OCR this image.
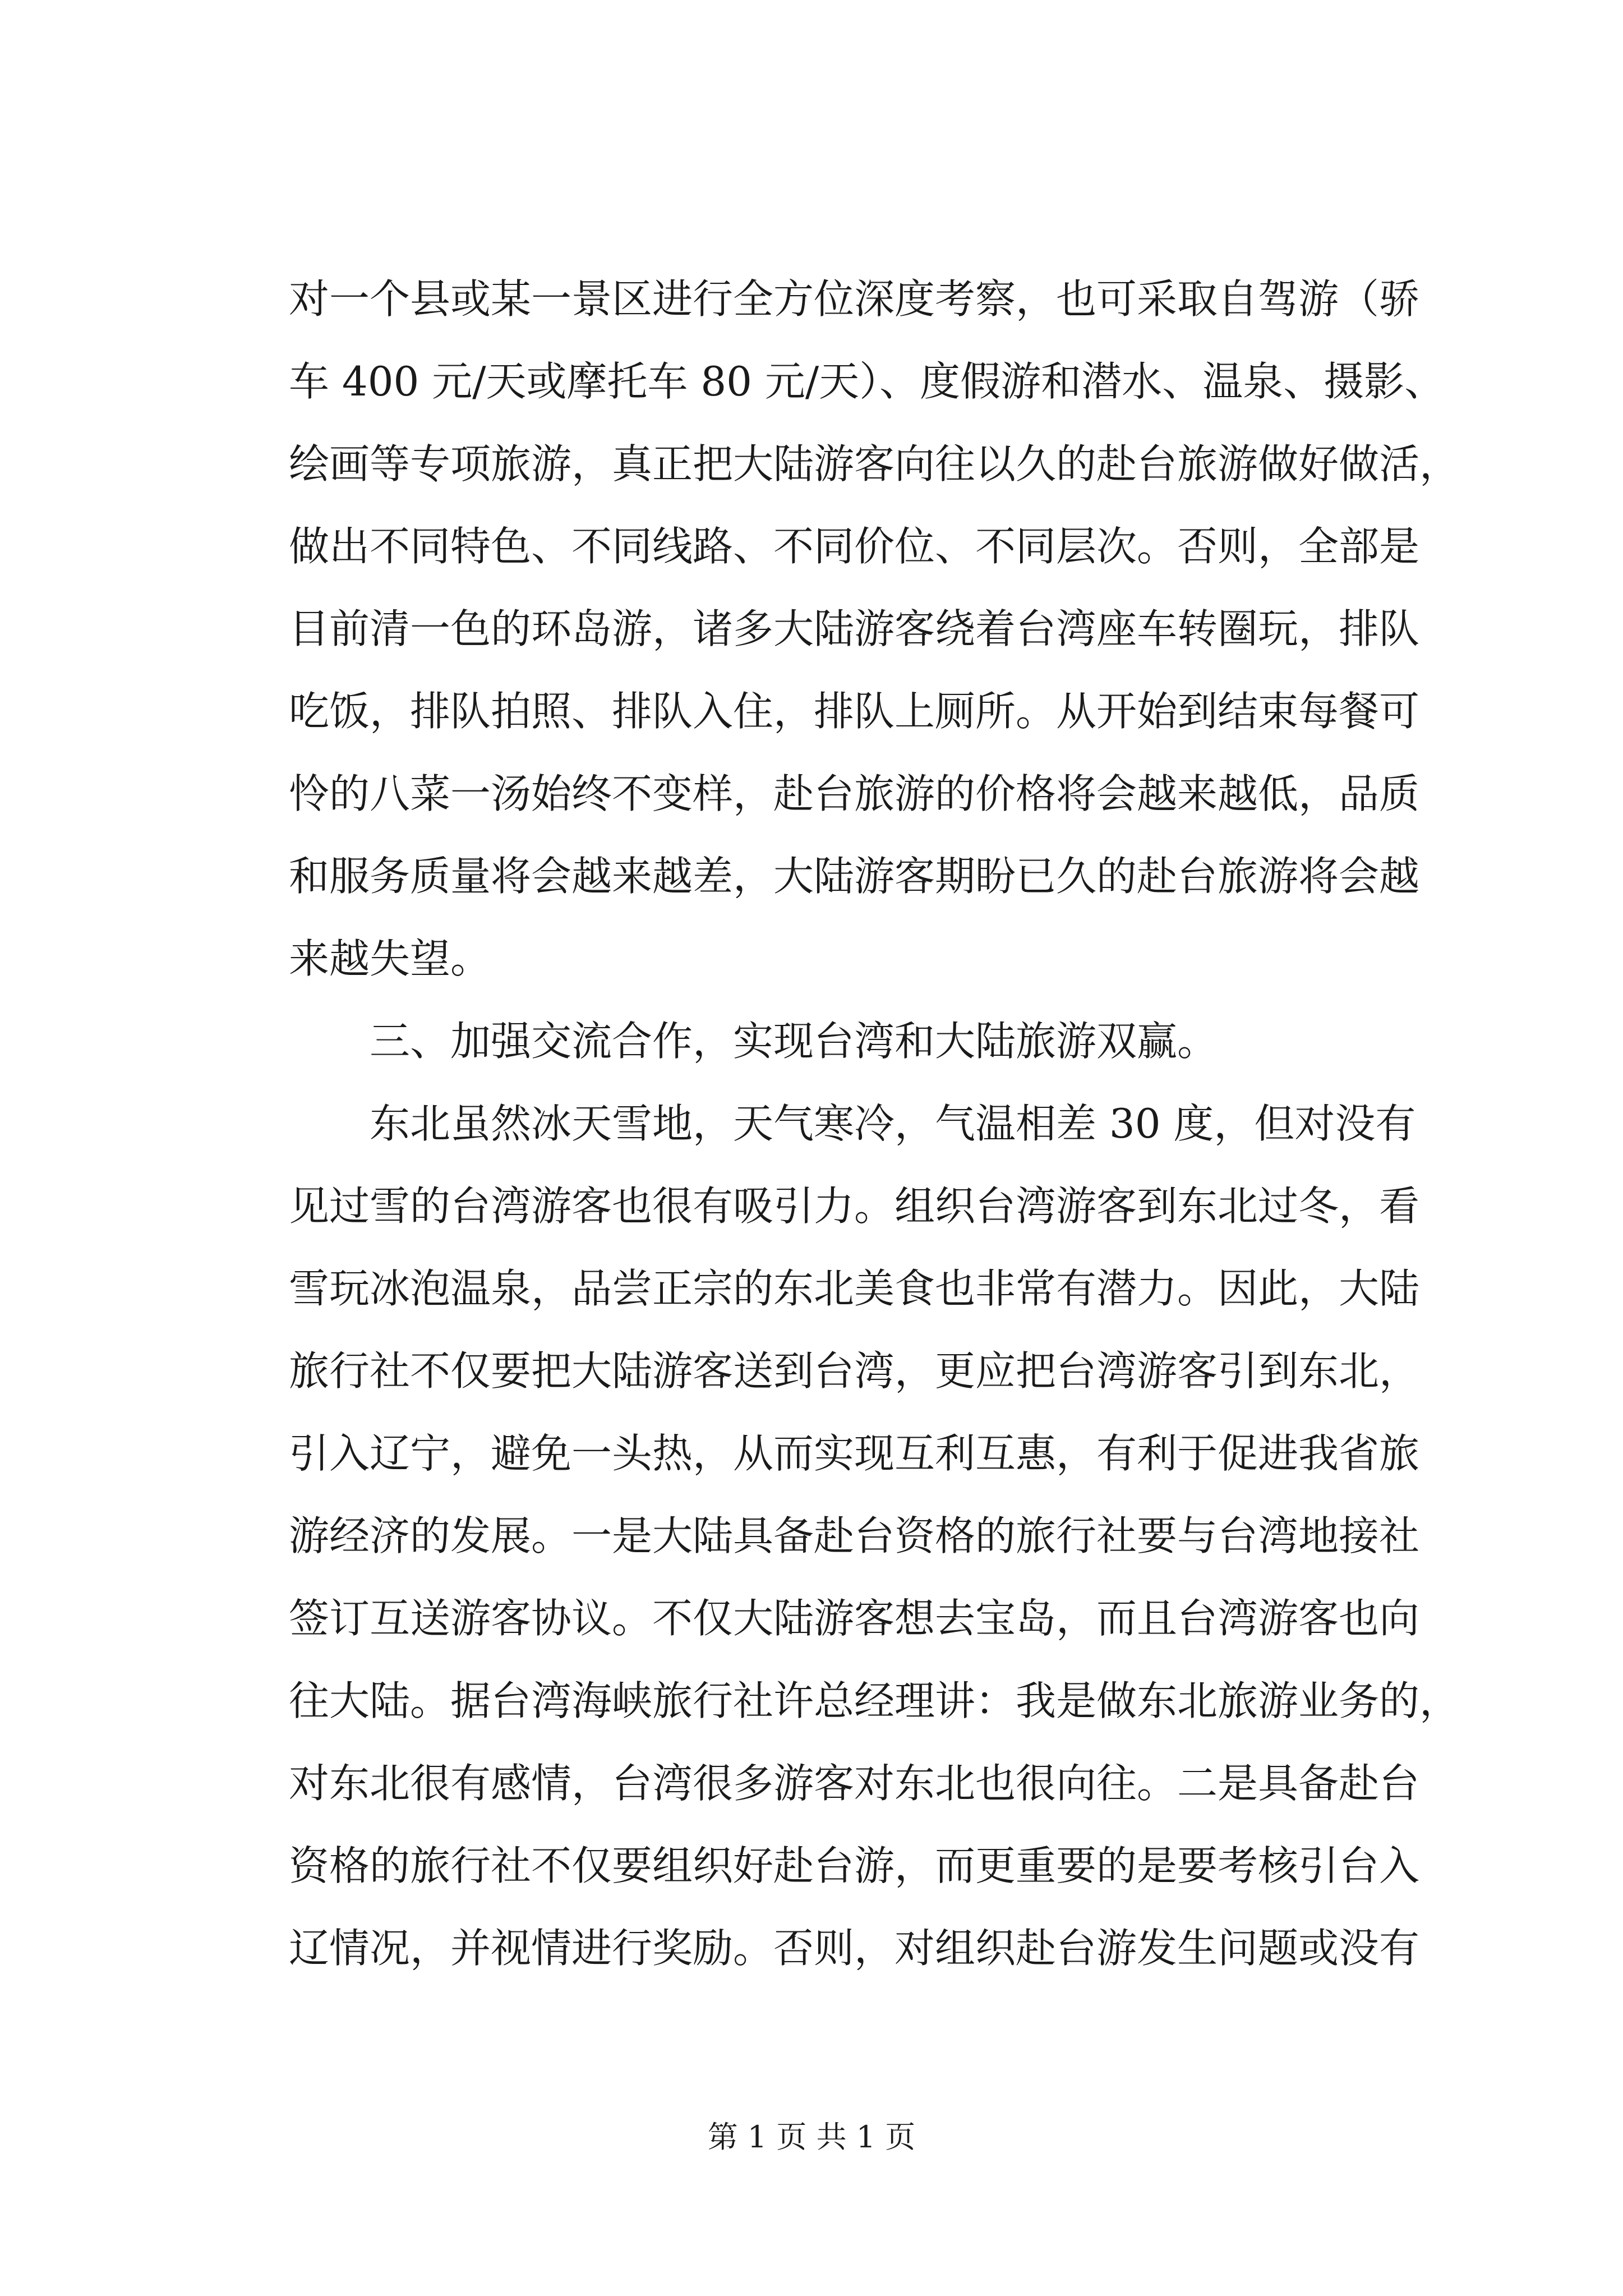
对一个县或某一景区进行全方位深度考察，也可采取自驾游（骄
车 400 元/天或摩托车 80 元/天）、度假游和潜水、温泉、摄影、
绘画等专项旅游，真正把大陆游客向往以久的赴台旅游做好做活，
做出不同特色、不同线路、不同价位、不同层次。否则，全部是
目前清一色的环岛游，诸多大陆游客绕着台湾座车转圈玩，排队
吃饭，排队拍照、排队入住，排队上厕所。从开始到结束每餐可
怜的八菜一汤始终不变样，赴台旅游的价格将会越来越低，品质
和服务质量将会越来越差，大陆游客期盼已久的赴台旅游将会越
来越失望。
三、加强交流合作，实现台湾和大陆旅游双赢。
东北虽然冰天雪地，天气寒冷，气温相差 30 度，但对没有
见过雪的台湾游客也很有吸引力。组织台湾游客到东北过冬，看
雪玩冰泡温泉，品尝正宗的东北美食也非常有潜力。因此，大陆
旅行社不仅要把大陆游客送到台湾，更应把台湾游客引到东北，
引入辽宁，避免一头热，从而实现互利互惠，有利于促进我省旅
游经济的发展。一是大陆具备赴台资格的旅行社要与台湾地接社
签订互送游客协议。不仅大陆游客想去宝岛，而且台湾游客也向
往大陆。据台湾海峡旅行社许总经理讲：我是做东北旅游业务的，
对东北很有感情，台湾很多游客对东北也很向往。二是具备赴台
资格的旅行社不仅要组织好赴台游，而更重要的是要考核引台入
辽情况，并视情进行奖励。否则，对组织赴台游发生问题或没有
第 1 页 共 1 页
